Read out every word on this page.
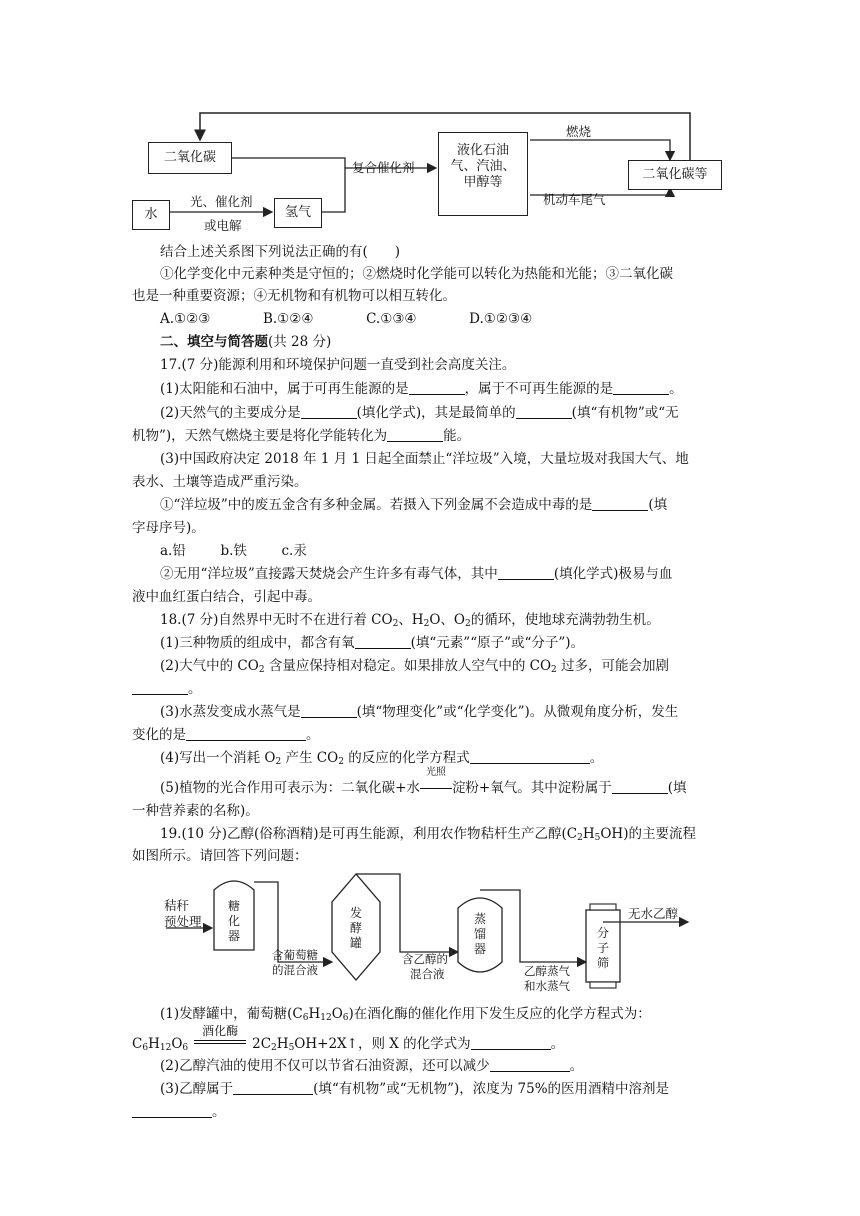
二氧化碳
水
光、催化剂
或电解
氢气
复合催化剂
液化石油
气、汽油、
甲醇等
燃烧
机动车尾气
二氧化碳等
结合上述关系图下列说法正确的有(　　)
①化学变化中元素种类是守恒的；②燃烧时化学能可以转化为热能和光能；③二氧化碳
也是一种重要资源；④无机物和有机物可以相互转化。
A.①②③	B.①②④	C.①③④	D.①②③④
二、填空与简答题(共 28 分)
17.(7 分)能源利用和环境保护问题一直受到社会高度关注。
(1)太阳能和石油中，属于可再生能源的是	，属于不可再生能源的是	。
(2)天然气的主要成分是	(填化学式)，其是最简单的	(填“有机物”或“无
机物”)，天然气燃烧主要是将化学能转化为	能。
(3)中国政府决定 2018 年 1 月 1 日起全面禁止“洋垃圾”入境，大量垃圾对我国大气、地
表水、土壤等造成严重污染。
①“洋垃圾”中的废五金含有多种金属。若摄入下列金属不会造成中毒的是	(填
字母序号)。
a.铅	b.铁	c.汞
②无用“洋垃圾”直接露天焚烧会产生许多有毒气体，其中	(填化学式)极易与血
液中血红蛋白结合，引起中毒。
18.(7 分)自然界中无时不在进行着 $CO_2$、$H_2O$、$O_2$的循环，使地球充满勃勃生机。
(1)三种物质的组成中，都含有氧	(填“元素”“原子”或“分子”)。
(2)大气中的 $CO_2$ 含量应保持相对稳定。如果排放人空气中的 $CO_2$ 过多，可能会加剧
。
(3)水蒸发变成水蒸气是	(填“物理变化”或“化学变化”)。从微观角度分析，发生
变化的是	。
(4)写出一个消耗 $O_2$ 产生 $CO_2$ 的反应的化学方程式	。
(5)植物的光合作用可表示为：二氧化碳+水
光照
淀粉+氧气。其中淀粉属于	(填
一种营养素的名称)。
19.(10 分)乙醇(俗称酒精)是可再生能源，利用农作物秸杆生产乙醇$(C_2H_5OH)$的主要流程
如图所示。请回答下列问题：
秸秆
预处理
糖
化
器
含葡萄糖
的混合液
发
酵
罐
含乙醇的
混合液
蒸
馏
器
乙醇蒸气
和水蒸气
分
子
筛
无水乙醇
(1)发酵罐中，葡萄糖$(C_6H_{12}O_6)$在酒化酶的催化作用下发生反应的化学方程式为：
$C_6H_{12}O_6$
酒化酶
$2C_2H_5OH+2X↑$，则 X 的化学式为	。
(2)乙醇汽油的使用不仅可以节省石油资源，还可以减少	。
(3)乙醇属于	(填“有机物”或“无机物”)，浓度为 75%的医用酒精中溶剂是
。
